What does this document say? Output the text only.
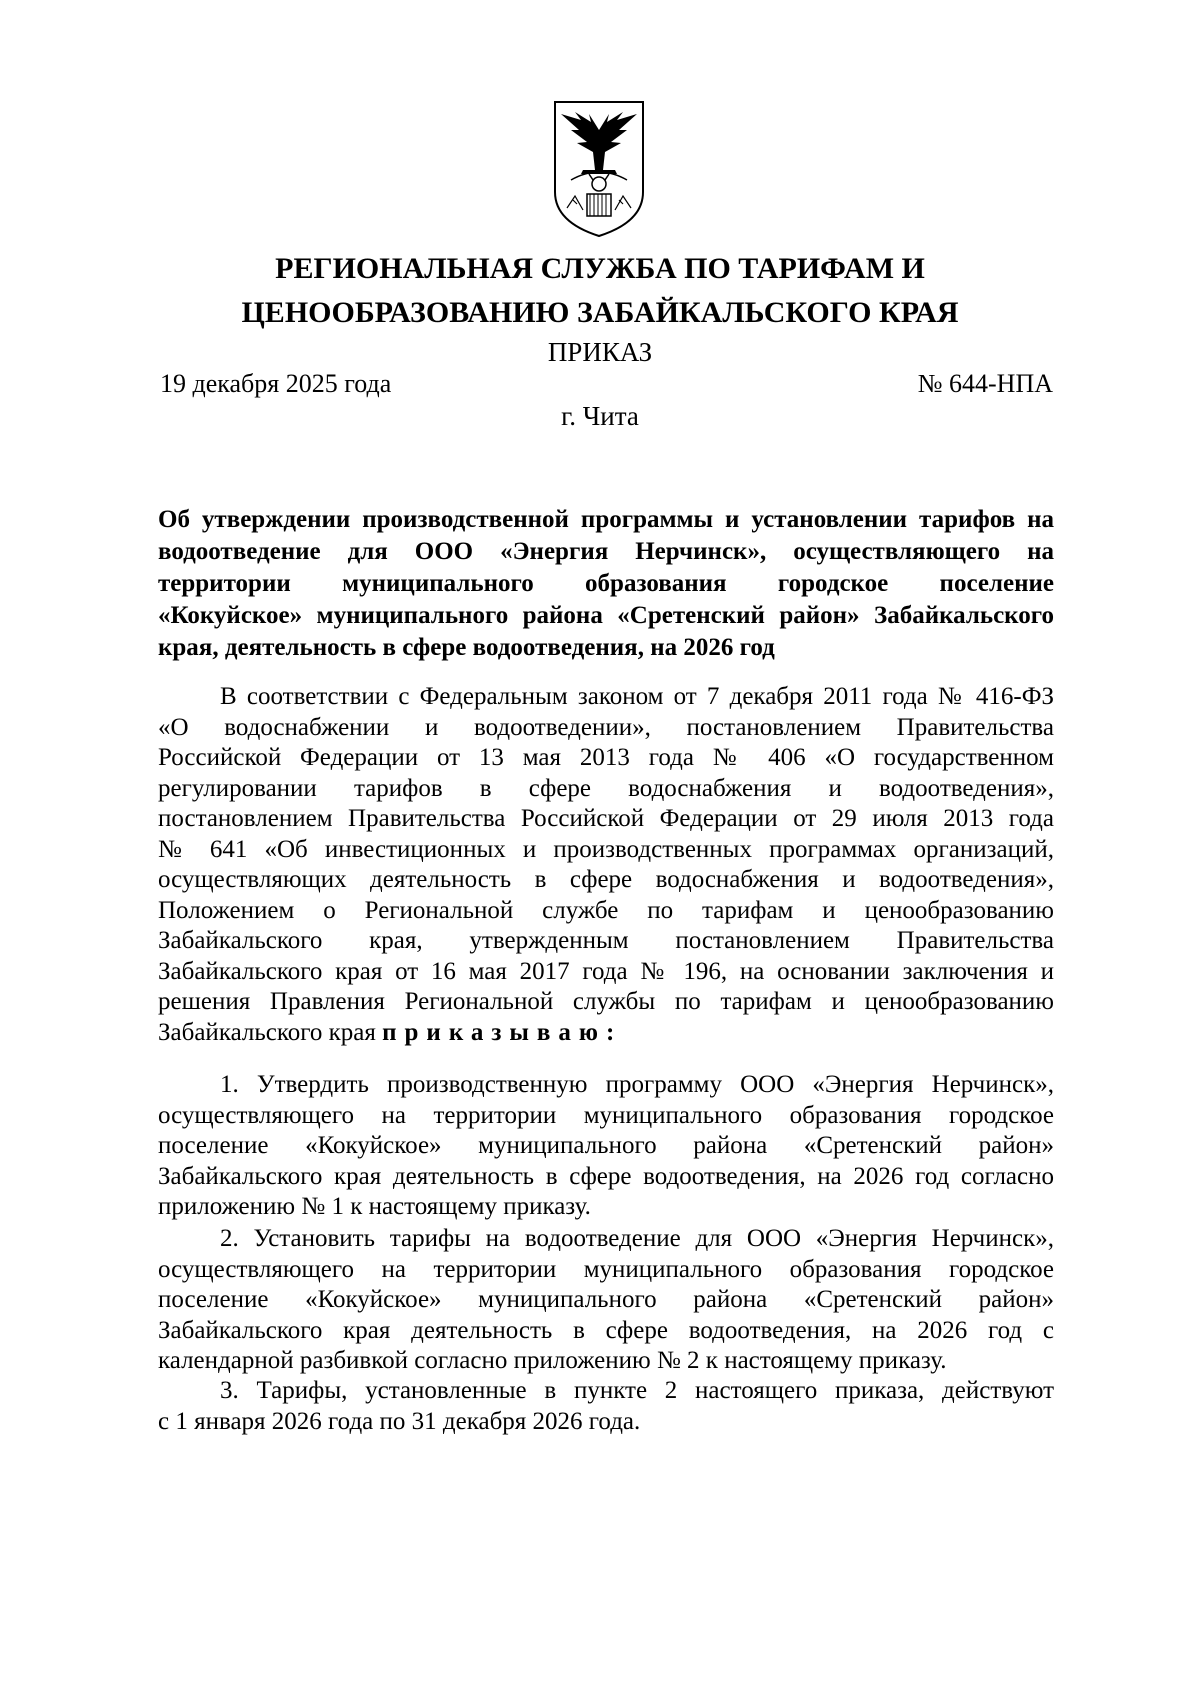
РЕГИОНАЛЬНАЯ СЛУЖБА ПО ТАРИФАМ И
ЦЕНООБРАЗОВАНИЮ ЗАБАЙКАЛЬСКОГО КРАЯ
ПРИКАЗ
19 декабря 2025 года	№ 644-НПА
г. Чита
Об утверждении производственной программы и установлении тарифов на
водоотведение для ООО «Энергия Нерчинск», осуществляющего на
территории муниципального образования городское поселение
«Кокуйское» муниципального района «Сретенский район» Забайкальского
края, деятельность в сфере водоотведения, на 2026 год
В соответствии с Федеральным законом от 7 декабря 2011 года № 416-ФЗ
«О водоснабжении и водоотведении», постановлением Правительства
Российской Федерации от 13 мая 2013 года № 406 «О государственном
регулировании тарифов в сфере водоснабжения и водоотведения»,
постановлением Правительства Российской Федерации от 29 июля 2013 года
№ 641 «Об инвестиционных и производственных программах организаций,
осуществляющих деятельность в сфере водоснабжения и водоотведения»,
Положением о Региональной службе по тарифам и ценообразованию
Забайкальского края, утвержденным постановлением Правительства
Забайкальского края от 16 мая 2017 года № 196, на основании заключения и
решения Правления Региональной службы по тарифам и ценообразованию
Забайкальского края приказываю:
1. Утвердить производственную программу ООО «Энергия Нерчинск»,
осуществляющего на территории муниципального образования городское
поселение «Кокуйское» муниципального района «Сретенский район»
Забайкальского края деятельность в сфере водоотведения, на 2026 год согласно
приложению № 1 к настоящему приказу.
2. Установить тарифы на водоотведение для ООО «Энергия Нерчинск»,
осуществляющего на территории муниципального образования городское
поселение «Кокуйское» муниципального района «Сретенский район»
Забайкальского края деятельность в сфере водоотведения, на 2026 год с
календарной разбивкой согласно приложению № 2 к настоящему приказу.
3. Тарифы, установленные в пункте 2 настоящего приказа, действуют
с 1 января 2026 года по 31 декабря 2026 года.
